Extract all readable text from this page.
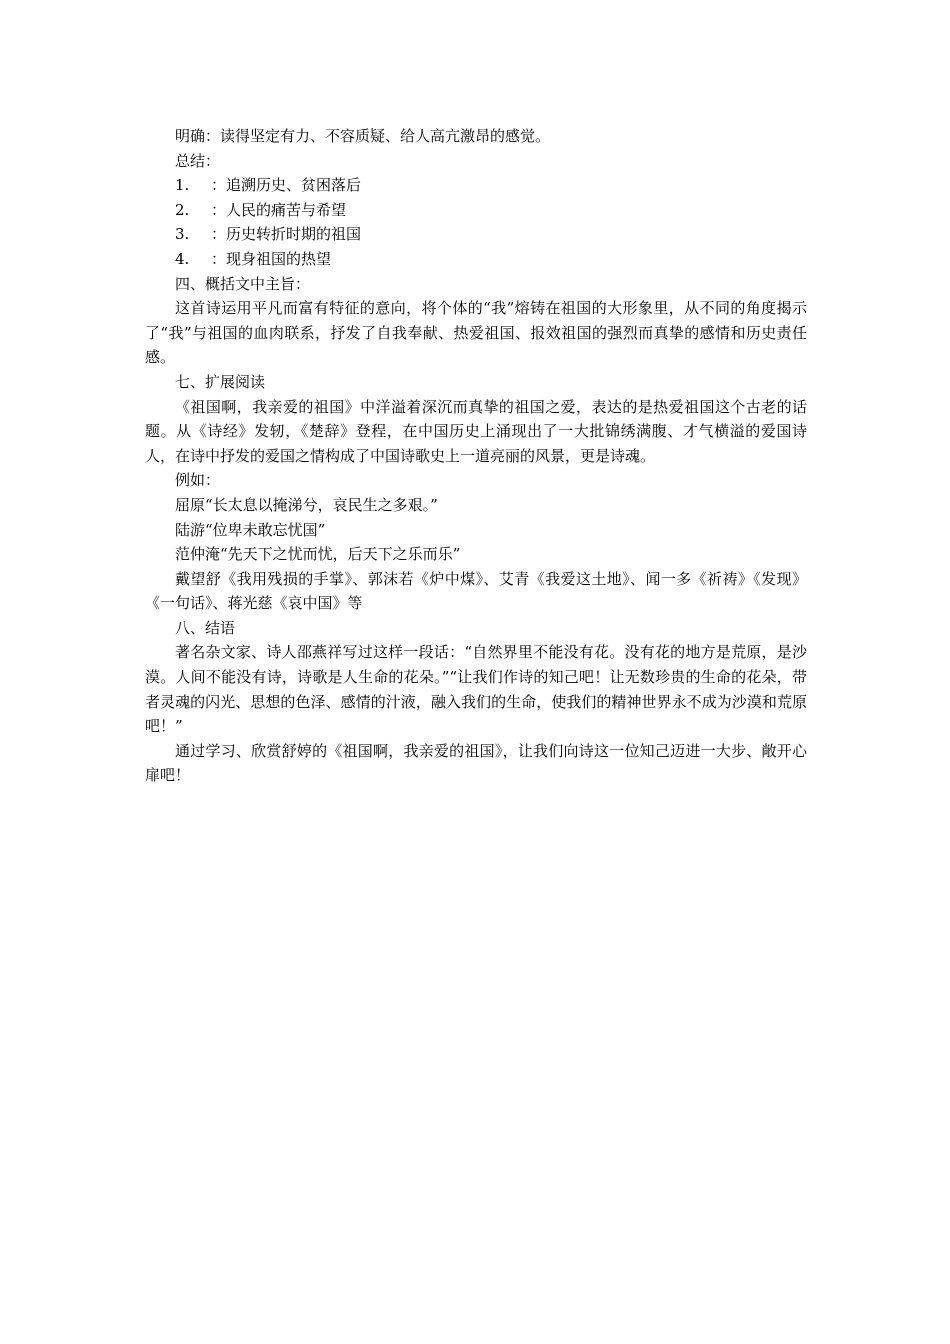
明确：读得坚定有力、不容质疑、给人高亢激昂的感觉。

总结：

1. ：追溯历史、贫困落后

2. ：人民的痛苦与希望

3. ：历史转折时期的祖国

4. ：现身祖国的热望

四、概括文中主旨：

这首诗运用平凡而富有特征的意向，将个体的“我”熔铸在祖国的大形象里，从不同的角度揭示了“我”与祖国的血肉联系，抒发了自我奉献、热爱祖国、报效祖国的强烈而真挚的感情和历史责任感。

七、扩展阅读

《祖国啊，我亲爱的祖国》中洋溢着深沉而真挚的祖国之爱，表达的是热爱祖国这个古老的话题。从《诗经》发轫，《楚辞》登程，在中国历史上涌现出了一大批锦绣满腹、才气横溢的爱国诗人，在诗中抒发的爱国之情构成了中国诗歌史上一道亮丽的风景，更是诗魂。

例如：

屈原“长太息以掩涕兮，哀民生之多艰。”

陆游“位卑未敢忘忧国”

范仲淹“先天下之忧而忧，后天下之乐而乐”

戴望舒《我用残损的手掌》、郭沫若《炉中煤》、艾青《我爱这土地》、闻一多《祈祷》《发现》《一句话》、蒋光慈《哀中国》等

八、结语

著名杂文家、诗人邵燕祥写过这样一段话：“自然界里不能没有花。没有花的地方是荒原，是沙漠。人间不能没有诗，诗歌是人生命的花朵。”“让我们作诗的知己吧！让无数珍贵的生命的花朵，带者灵魂的闪光、思想的色泽、感情的汁液，融入我们的生命，使我们的精神世界永不成为沙漠和荒原吧！”

通过学习、欣赏舒婷的《祖国啊，我亲爱的祖国》，让我们向诗这一位知己迈进一大步、敞开心扉吧！
